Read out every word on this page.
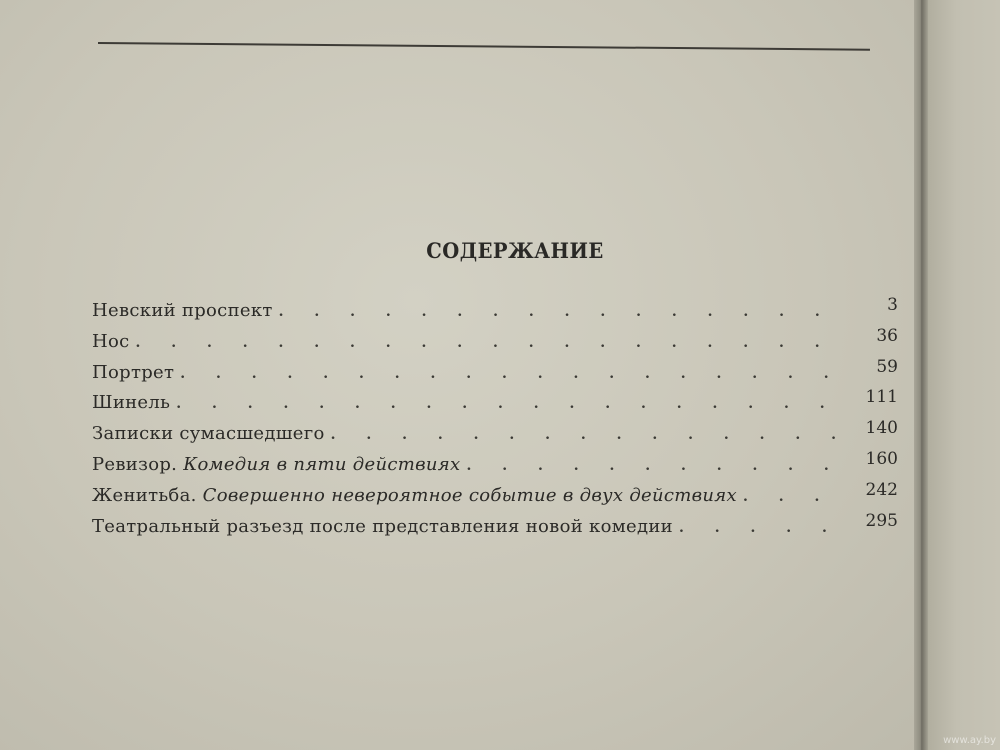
СОДЕРЖАНИЕ
Невский проспект . . .	3
Нос . . .	36
Портрет . . .	59
Шинель . . .	111
Записки сумасшедшего . . .	140
Ревизор. Комедия в пяти действиях . . .	160
Женитьба. Совершенно невероятное событие в двух действиях . . .	242
Театральный разъезд после представления новой комедии . . .	295
www.ay.by
